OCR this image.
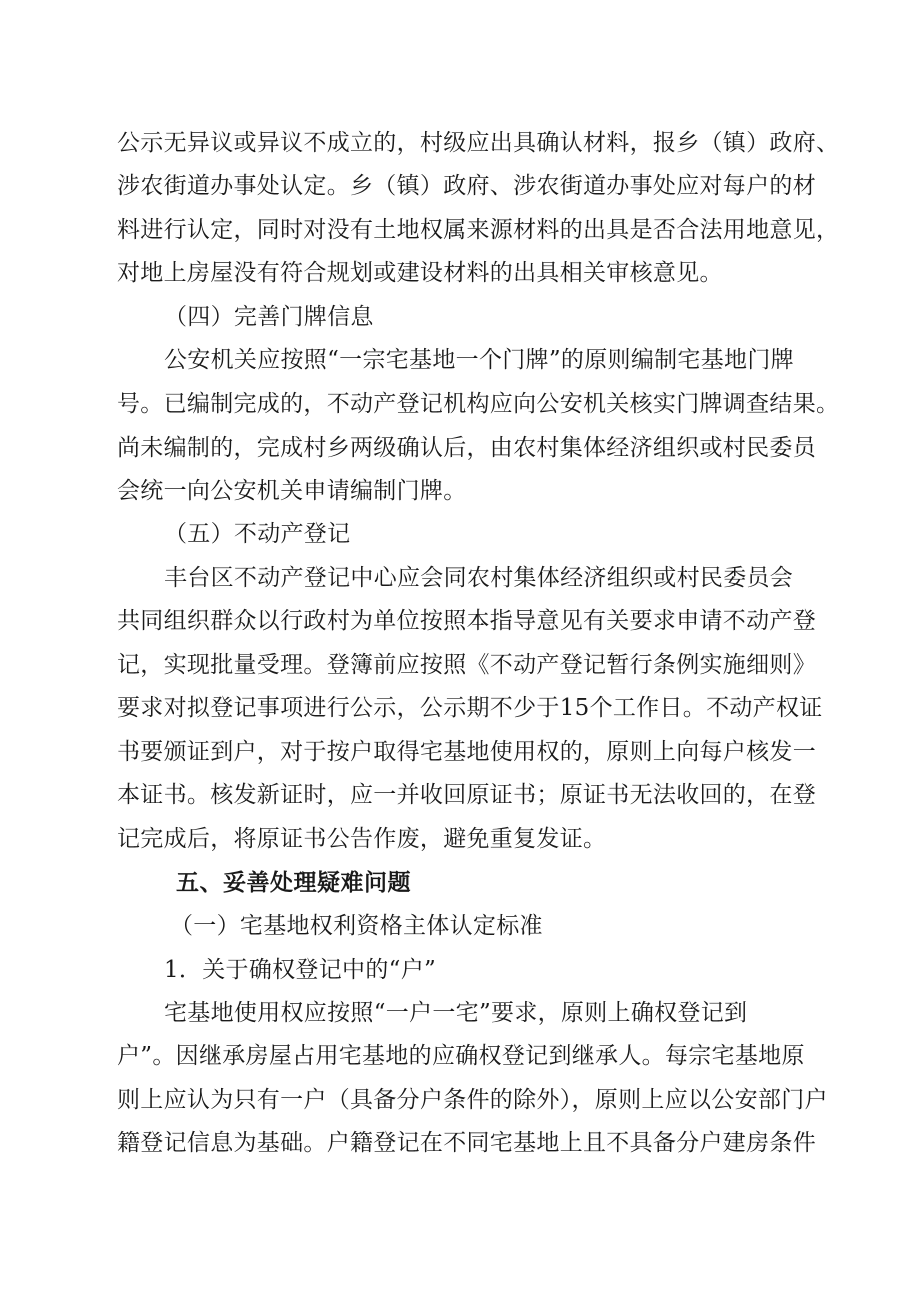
公示无异议或异议不成立的，村级应出具确认材料，报乡（镇）政府、
涉农街道办事处认定。乡（镇）政府、涉农街道办事处应对每户的材
料进行认定，同时对没有土地权属来源材料的出具是否合法用地意见，
对地上房屋没有符合规划或建设材料的出具相关审核意见。
（四）完善门牌信息
公安机关应按照“一宗宅基地一个门牌”的原则编制宅基地门牌
号。已编制完成的，不动产登记机构应向公安机关核实门牌调查结果。
尚未编制的，完成村乡两级确认后，由农村集体经济组织或村民委员
会统一向公安机关申请编制门牌。
（五）不动产登记
丰台区不动产登记中心应会同农村集体经济组织或村民委员会
共同组织群众以行政村为单位按照本指导意见有关要求申请不动产登
记，实现批量受理。登簿前应按照《不动产登记暂行条例实施细则》
要求对拟登记事项进行公示，公示期不少于15个工作日。不动产权证
书要颁证到户，对于按户取得宅基地使用权的，原则上向每户核发一
本证书。核发新证时，应一并收回原证书；原证书无法收回的，在登
记完成后，将原证书公告作废，避免重复发证。
五、妥善处理疑难问题
（一）宅基地权利资格主体认定标准
1．关于确权登记中的“户”
宅基地使用权应按照“一户一宅”要求，原则上确权登记到
户”。因继承房屋占用宅基地的应确权登记到继承人。每宗宅基地原
则上应认为只有一户（具备分户条件的除外），原则上应以公安部门户
籍登记信息为基础。户籍登记在不同宅基地上且不具备分户建房条件
